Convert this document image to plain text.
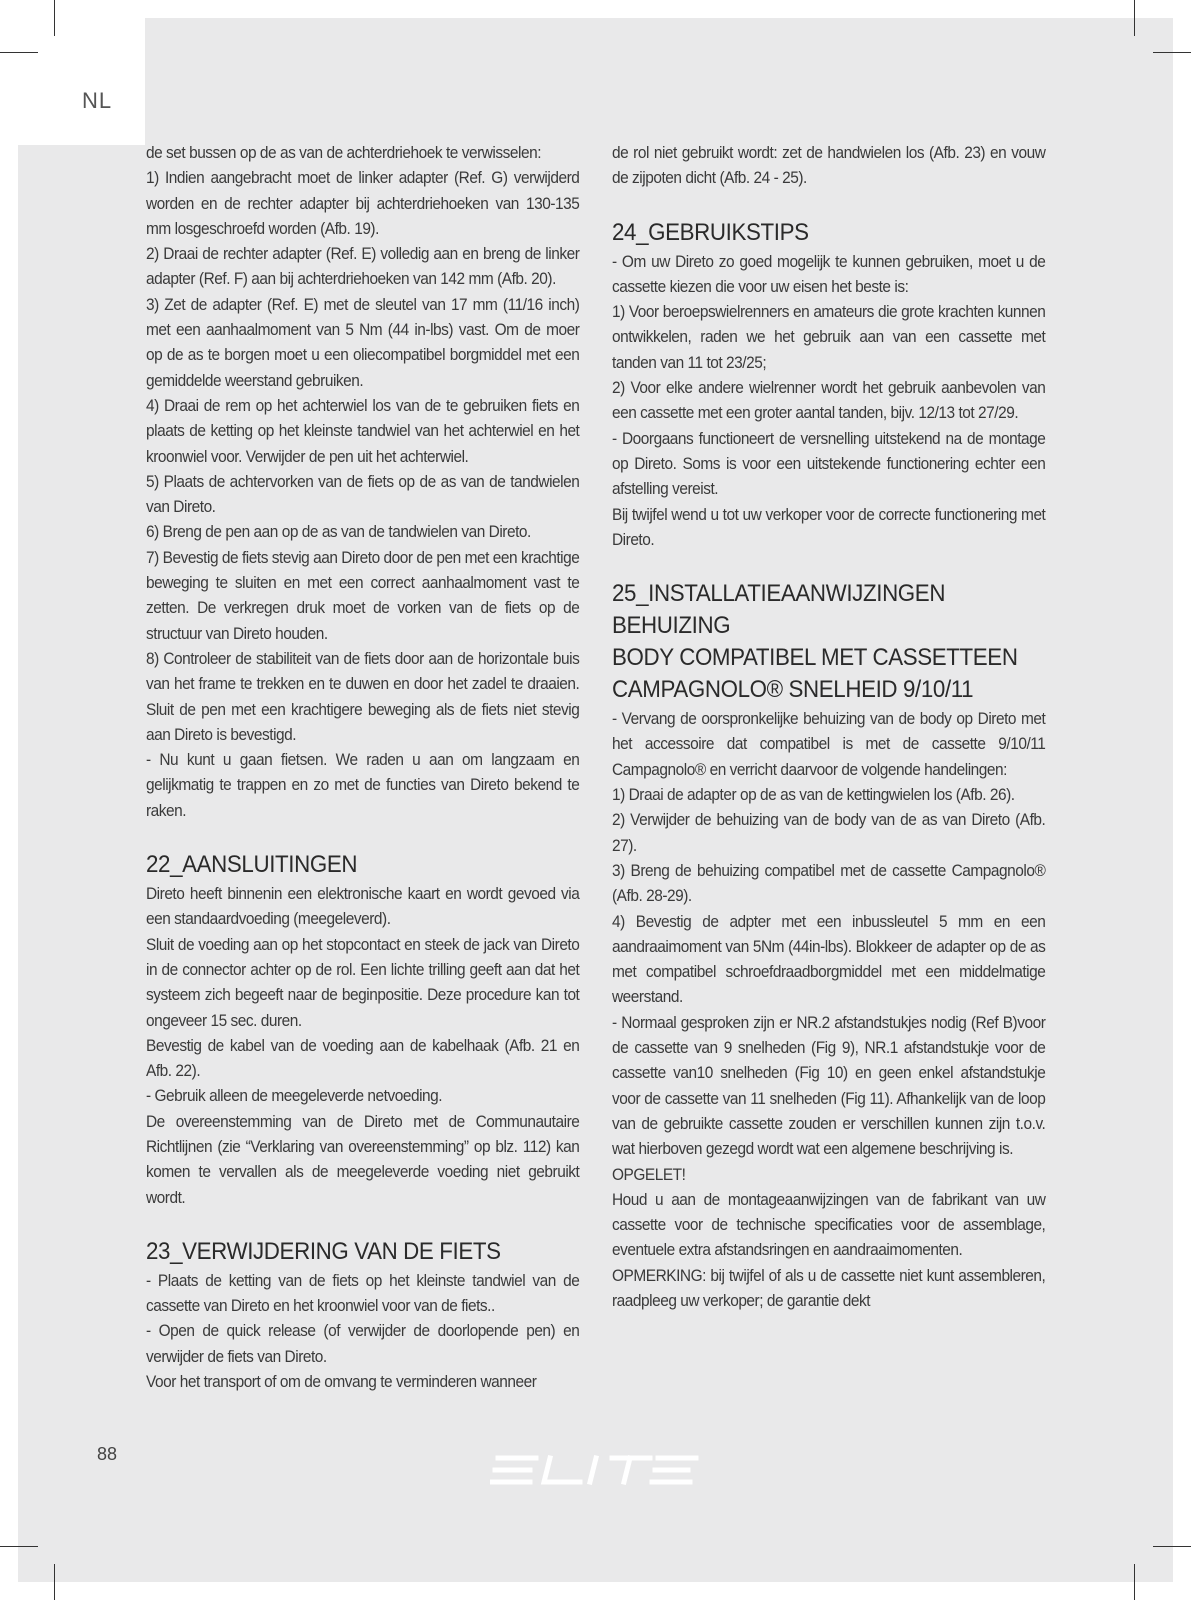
NL

de set bussen op de as van de achterdriehoek te verwisselen:

1) Indien aangebracht moet de linker adapter (Ref. G) verwijderd worden en de rechter adapter bij achterdriehoeken van 130-135 mm losgeschroefd worden (Afb. 19).

2) Draai de rechter adapter (Ref. E) volledig aan en breng de linker adapter (Ref. F) aan bij achterdriehoeken van 142 mm (Afb. 20).

3) Zet de adapter (Ref. E) met de sleutel van 17 mm (11/16 inch) met een aanhaalmoment van 5 Nm (44 in-lbs) vast. Om de moer op de as te borgen moet u een oliecompatibel borgmiddel met een gemiddelde weerstand gebruiken.

4) Draai de rem op het achterwiel los van de te gebruiken fiets en plaats de ketting op het kleinste tandwiel van het achterwiel en het kroonwiel voor. Verwijder de pen uit het achterwiel.

5) Plaats de achtervorken van de fiets op de as van de tandwielen van Direto.

6) Breng de pen aan op de as van de tandwielen van Direto.

7) Bevestig de fiets stevig aan Direto door de pen met een krachtige beweging te sluiten en met een correct aanhaalmoment vast te zetten. De verkregen druk moet de vorken van de fiets op de structuur van Direto houden.

8) Controleer de stabiliteit van de fiets door aan de horizontale buis van het frame te trekken en te duwen en door het zadel te draaien. Sluit de pen met een krachtigere beweging als de fiets niet stevig aan Direto is bevestigd.

- Nu kunt u gaan fietsen. We raden u aan om langzaam en gelijkmatig te trappen en zo met de functies van Direto bekend te raken.

22_AANSLUITINGEN

Direto heeft binnenin een elektronische kaart en wordt gevoed via een standaardvoeding (meegeleverd).

Sluit de voeding aan op het stopcontact en steek de jack van Direto in de connector achter op de rol. Een lichte trilling geeft aan dat het systeem zich begeeft naar de beginpositie. Deze procedure kan tot ongeveer 15 sec. duren.

Bevestig de kabel van de voeding aan de kabelhaak (Afb. 21 en Afb. 22).

- Gebruik alleen de meegeleverde netvoeding.

De overeenstemming van de Direto met de Communautaire Richtlijnen (zie “Verklaring van overeenstemming” op blz. 112) kan komen te vervallen als de meegeleverde voeding niet gebruikt wordt.

23_VERWIJDERING VAN DE FIETS

- Plaats de ketting van de fiets op het kleinste tandwiel van de cassette van Direto en het kroonwiel voor van de fiets..

- Open de quick release (of verwijder de doorlopende pen) en verwijder de fiets van Direto.

Voor het transport of om de omvang te verminderen wanneer

de rol niet gebruikt wordt: zet de handwielen los (Afb. 23) en vouw de zijpoten dicht (Afb. 24 - 25).

24_GEBRUIKSTIPS

- Om uw Direto zo goed mogelijk te kunnen gebruiken, moet u de cassette kiezen die voor uw eisen het beste is:

1) Voor beroepswielrenners en amateurs die grote krachten kunnen ontwikkelen, raden we het gebruik aan van een cassette met tanden van 11 tot 23/25;

2) Voor elke andere wielrenner wordt het gebruik aanbevolen van een cassette met een groter aantal tanden, bijv. 12/13 tot 27/29.

- Doorgaans functioneert de versnelling uitstekend na de montage op Direto. Soms is voor een uitstekende functionering echter een afstelling vereist.

Bij twijfel wend u tot uw verkoper voor de correcte functionering met Direto.

25_INSTALLATIEAANWIJZINGEN BEHUIZING
BODY COMPATIBEL MET CASSETTEEN
CAMPAGNOLO® SNELHEID 9/10/11

- Vervang de oorspronkelijke behuizing van de body op Direto met het accessoire dat compatibel is met de cassette 9/10/11 Campagnolo® en verricht daarvoor de volgende handelingen:

1) Draai de adapter op de as van de kettingwielen los (Afb. 26).

2) Verwijder de behuizing van de body van de as van Direto (Afb. 27).

3) Breng de behuizing compatibel met de cassette Campagnolo® (Afb. 28-29).

4) Bevestig de adpter met een inbussleutel 5 mm en een aandraaimoment van 5Nm (44in-lbs). Blokkeer de adapter op de as met compatibel schroefdraadborgmiddel met een middelmatige weerstand.

- Normaal gesproken zijn er NR.2 afstandstukjes nodig (Ref B)voor de cassette van 9 snelheden (Fig 9), NR.1 afstandstukje voor de cassette van10 snelheden (Fig 10) en geen enkel afstandstukje voor de cassette van 11 snelheden (Fig 11). Afhankelijk van de loop van de gebruikte cassette zouden er verschillen kunnen zijn t.o.v. wat hierboven gezegd wordt wat een algemene beschrijving is.

OPGELET!

Houd u aan de montageaanwijzingen van de fabrikant van uw cassette voor de technische specificaties voor de assemblage, eventuele extra afstandsringen en aandraaimomenten.

OPMERKING: bij twijfel of als u de cassette niet kunt assembleren, raadpleeg uw verkoper; de garantie dekt

88
